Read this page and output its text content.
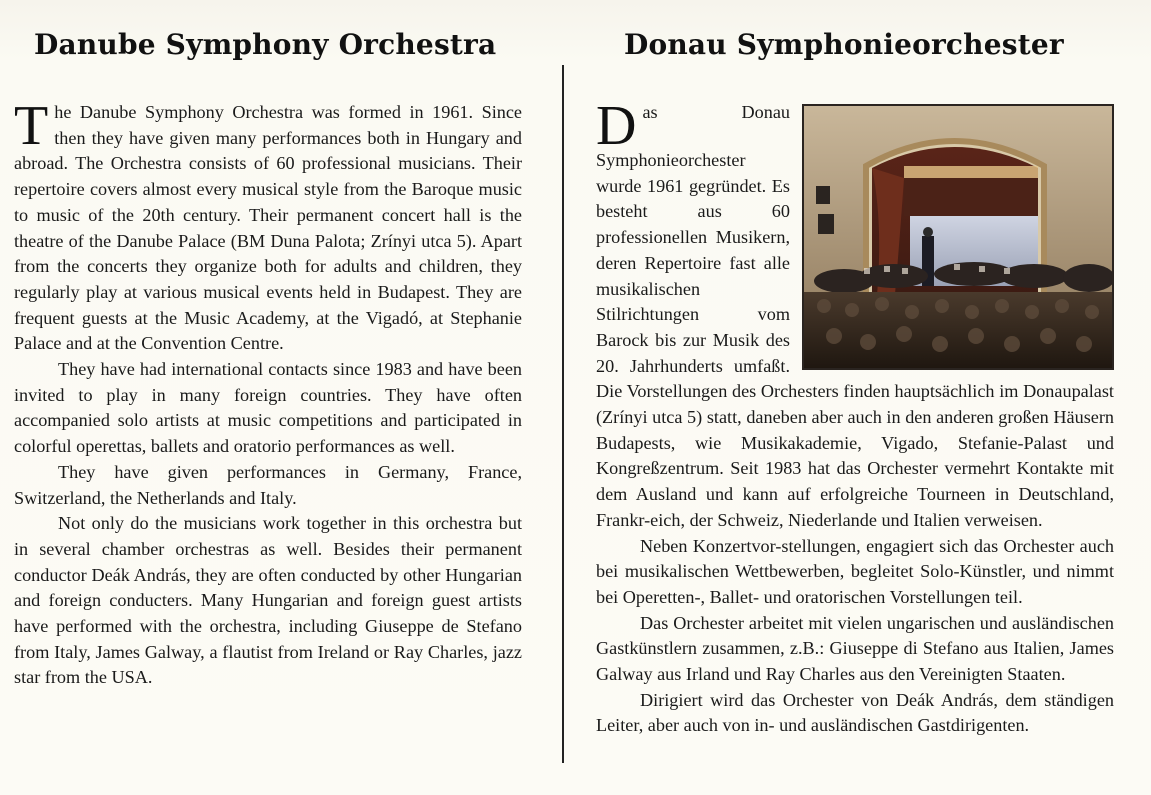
Danube Symphony Orchestra

The Danube Symphony Orchestra was formed in 1961. Since then they have given many performances both in Hungary and abroad. The Orchestra consists of 60 professional musicians. Their repertoire covers almost every musical style from the Baroque music to music of the 20th century. Their permanent concert hall is the theatre of the Danube Palace (BM Duna Palota; Zrínyi utca 5). Apart from the concerts they organize both for adults and children, they regularly play at various musical events held in Budapest. They are frequent guests at the Music Academy, at the Vigadó, at Stephanie Palace and at the Convention Centre.

They have had international contacts since 1983 and have been invited to play in many foreign countries. They have often accompanied solo artists at music competitions and participated in colorful operettas, ballets and oratorio performances as well.

They have given performances in Germany, France, Switzerland, the Netherlands and Italy.

Not only do the musicians work together in this orchestra but in several chamber orchestras as well. Besides their permanent conductor Deák András, they are often conducted by other Hungarian and foreign conducters. Many Hungarian and foreign guest artists have performed with the orchestra, including Giuseppe de Stefano from Italy, James Galway, a flautist from Ireland or Ray Charles, jazz star from the USA.

Donau Symphonieorchester

D as Donau Symphonieorchester wurde 1961 gegründet. Es besteht aus 60 professionellen Musikern, deren Repertoire fast alle musikalischen Stilrichtungen vom Barock bis zur Musik des 20. Jahrhunderts umfaßt. Die Vorstellungen des Orchesters finden hauptsächlich im Donaupalast (Zrínyi utca 5) statt, daneben aber auch in den anderen großen Häusern Budapests, wie Musikakademie, Vigado, Stefanie-Palast und Kongreßzentrum. Seit 1983 hat das Orchester vermehrt Kontakte mit dem Ausland und kann auf erfolgreiche Tourneen in Deutschland, Frankr-eich, der Schweiz, Niederlande und Italien verweisen.

Neben Konzertvor-stellungen, engagiert sich das Orchester auch bei musikalischen Wettbewerben, begleitet Solo-Künstler, und nimmt bei Operetten-, Ballet- und oratorischen Vorstellungen teil.

Das Orchester arbeitet mit vielen ungarischen und ausländischen Gastkünstlern zusammen, z.B.: Giuseppe di Stefano aus Italien, James Galway aus Irland und Ray Charles aus den Vereinigten Staaten.

Dirigiert wird das Orchester von Deák András, dem ständigen Leiter, aber auch von in- und ausländischen Gastdirigenten.
